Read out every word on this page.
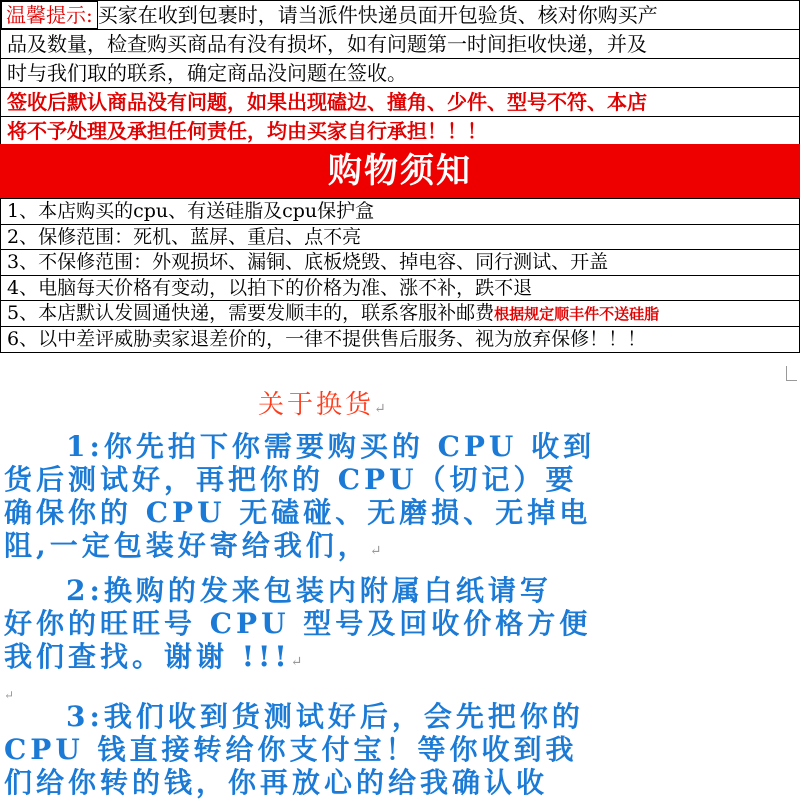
温馨提示: 买家在收到包裹时，请当派件快递员面开包验货、核对你购买产
品及数量，检查购买商品有没有损坏，如有问题第一时间拒收快递，并及
时与我们取的联系，确定商品没问题在签收。
签收后默认商品没有问题，如果出现磕边、撞角、少件、型号不符、本店
将不予处理及承担任何责任，均由买家自行承担！！！
购物须知
1、本店购买的cpu、有送硅脂及cpu保护盒
2、保修范围：死机、蓝屏、重启、点不亮
3、不保修范围：外观损坏、漏铜、底板烧毁、掉电容、同行测试、开盖
4、电脑每天价格有变动，以拍下的价格为准、涨不补，跌不退
5、本店默认发圆通快递，需要发顺丰的，联系客服补邮费根据规定顺丰件不送硅脂
6、以中差评威胁卖家退差价的，一律不提供售后服务、视为放弃保修！！！
关于换货↵
1:你先拍下你需要购买的 CPU 收到
货后测试好，再把你的 CPU（切记）要
确保你的 CPU 无磕碰、无磨损、无掉电
阻,一定包装好寄给我们，↵
2:换购的发来包装内附属白纸请写
好你的旺旺号 CPU 型号及回收价格方便
我们查找。谢谢 !!!↵
3:我们收到货测试好后，会先把你的
CPU 钱直接转给你支付宝！等你收到我
们给你转的钱，你再放心的给我确认收
↵
